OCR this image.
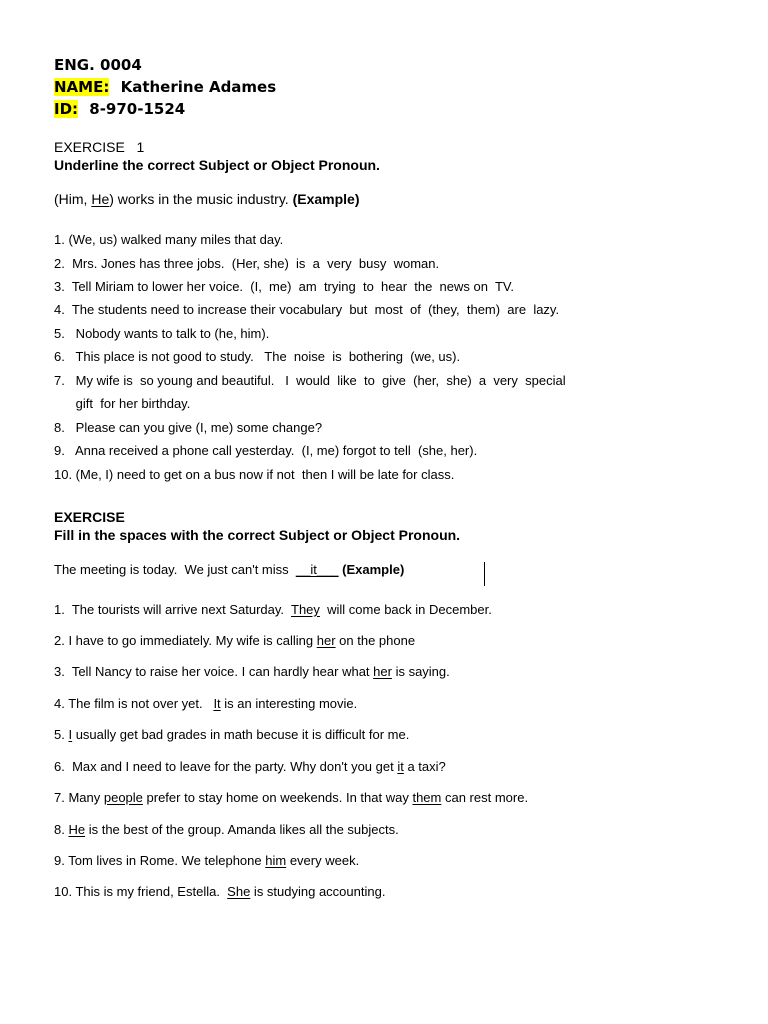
ENG. 0004
NAME: Katherine Adames
ID: 8-970-1524
EXERCISE   1
Underline the correct Subject or Object Pronoun.
(Him, He) works in the music industry. (Example)
1. (We, us) walked many miles that day.
2.  Mrs. Jones has three jobs.  (Her, she)  is  a  very  busy  woman.
3.  Tell Miriam to lower her voice.  (I,  me)  am  trying  to  hear  the  news on  TV.
4.  The students need to increase their vocabulary  but  most  of  (they,  them)  are  lazy.
5.   Nobody wants to talk to (he, him).
6.   This place is not good to study.   The  noise  is  bothering  (we, us).
7.   My wife is  so young and beautiful.   I  would  like  to  give  (her,  she)  a  very  special
gift  for her birthday.
8.   Please can you give (I, me) some change?
9.   Anna received a phone call yesterday.  (I, me) forgot to tell  (she, her).
10. (Me, I) need to get on a bus now if not  then I will be late for class.
EXERCISE
Fill in the spaces with the correct Subject or Object Pronoun.
The meeting is today.  We just can't miss  __it___ (Example)
1.  The tourists will arrive next Saturday.  They  will come back in December.
2. I have to go immediately. My wife is calling her on the phone
3.  Tell Nancy to raise her voice. I can hardly hear what her is saying.
4. The film is not over yet.   It is an interesting movie.
5. I usually get bad grades in math becuse it is difficult for me.
6.  Max and I need to leave for the party. Why don't you get it a taxi?
7. Many people prefer to stay home on weekends. In that way them can rest more.
8. He is the best of the group. Amanda likes all the subjects.
9. Tom lives in Rome. We telephone him every week.
10. This is my friend, Estella.  She is studying accounting.
